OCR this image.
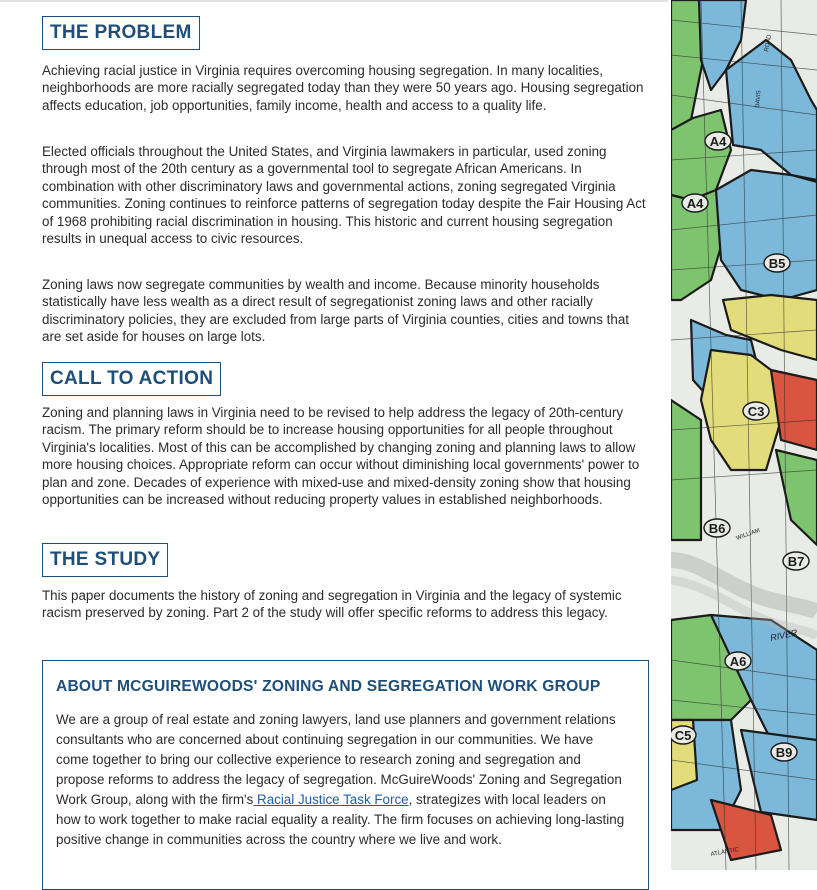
THE PROBLEM
Achieving racial justice in Virginia requires overcoming housing segregation. In many localities, neighborhoods are more racially segregated today than they were 50 years ago. Housing segregation affects education, job opportunities, family income, health and access to a quality life.
Elected officials throughout the United States, and Virginia lawmakers in particular, used zoning through most of the 20th century as a governmental tool to segregate African Americans. In combination with other discriminatory laws and governmental actions, zoning segregated Virginia communities. Zoning continues to reinforce patterns of segregation today despite the Fair Housing Act of 1968 prohibiting racial discrimination in housing. This historic and current housing segregation results in unequal access to civic resources.
Zoning laws now segregate communities by wealth and income. Because minority households statistically have less wealth as a direct result of segregationist zoning laws and other racially discriminatory policies, they are excluded from large parts of Virginia counties, cities and towns that are set aside for houses on large lots.
CALL TO ACTION
Zoning and planning laws in Virginia need to be revised to help address the legacy of 20th-century racism. The primary reform should be to increase housing opportunities for all people throughout Virginia's localities. Most of this can be accomplished by changing zoning and planning laws to allow more housing choices. Appropriate reform can occur without diminishing local governments' power to plan and zone. Decades of experience with mixed-use and mixed-density zoning show that housing opportunities can be increased without reducing property values in established neighborhoods.
THE STUDY
This paper documents the history of zoning and segregation in Virginia and the legacy of systemic racism preserved by zoning. Part 2 of the study will offer specific reforms to address this legacy.
ABOUT MCGUIREWOODS' ZONING AND SEGREGATION WORK GROUP
We are a group of real estate and zoning lawyers, land use planners and government relations consultants who are concerned about continuing segregation in our communities. We have come together to bring our collective experience to research zoning and segregation and propose reforms to address the legacy of segregation. McGuireWoods' Zoning and Segregation Work Group, along with the firm's Racial Justice Task Force, strategizes with local leaders on how to work together to make racial equality a reality. The firm focuses on achieving long-lasting positive change in communities across the country where we live and work.
A4
A4
B5
C3
B6
B7
A6
C5
B9
ROAD
DAVIS
WILLIAM
RIVER
ATLANTIC
